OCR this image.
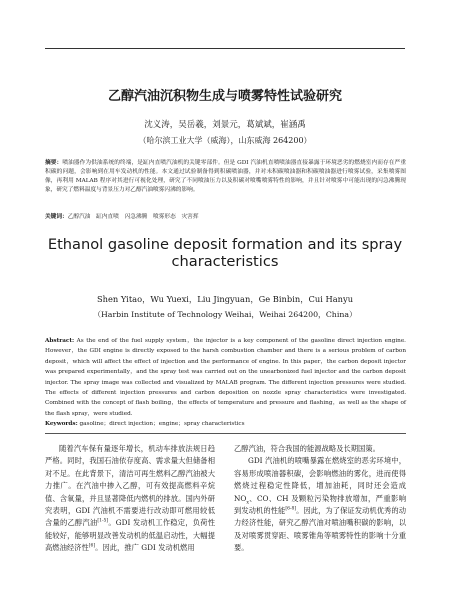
乙醇汽油沉积物生成与喷雾特性试验研究
沈义涛，吴岳羲，刘景元，葛斌斌，崔涵禹
（哈尔滨工业大学（威海），山东威海 264200）
摘要：喷油器作为供油系统的终端，是缸内直喷汽油机的关键零部件。但是 GDI 汽油机直喷喷油器直接暴露于环境恶劣的燃烧室内而存在严重积碳的问题，会影响到在用车发动机的性能。本文通过试验制备得到积碳喷油器，并对未积碳喷油器和积碳喷油器进行喷雾试验，采集喷雾图像，再利用 MALAB 程序对其进行可视化处理，研究了不同喷油压力以及积碳对喷嘴喷雾特性的影响，并且针对喷雾中可能出现的闪急沸腾现象，研究了燃料温度与背景压力对乙醇汽油喷雾闪沸的影响。
关键词：乙醇汽油　缸内直喷　闪急沸腾　喷雾形态　灾害挥
Ethanol gasoline deposit formation and its spray characteristics
Shen Yitao，Wu Yuexi，Liu Jingyuan，Ge Binbin，Cui Hanyu
（Harbin Institute of Technology Weihai，Weihai 264200，China）
Abstract: As the end of the fuel supply system，the injector is a key component of the gasoline direct injection engine. However，the GDI engine is directly exposed to the harsh combustion chamber and there is a serious problem of carbon deposit，which will affect the effect of injection and the performance of engine. In this paper，the carbon deposit injector was prepared experimentally，and the spray test was carried out on the unearbonized fuel injector and the carbon deposit injector. The spray image was collected and visualized by MALAB program. The different injection pressures were studied. The effects of different injection pressures and carbon deposition on nozzle spray characteristics were investigated. Combined with the concept of flash boiling，the effects of temperature and pressure and flashing，as well as the shape of the flash spray，were studied.
Keywords: gasoline；direct injection；engine；spray characteristics

随着汽车保有量逐年增长，机动车排放法规日趋严格。同时，我国石油依存度高、需求量大但储备相对不足。在此背景下，清洁可再生燃料乙醇汽油被大力推广。在汽油中掺入乙醇，可有效提高燃料辛烷值、含氧量，并且显著降低内燃机的排放。国内外研究表明，GDI 汽油机不需要进行改动即可燃用较低含量的乙醇汽油[1-5]。GDI 发动机工作稳定，负荷性能较好，能够明显改善发动机的低温启动性，大幅提高燃油经济性[6]。因此，推广 GDI 发动机燃用

乙醇汽油，符合我国的能源战略及长期国策。

GDI 汽油机的喷嘴暴露在燃烧室的恶劣环境中，容易形成喷油器积碳，会影响燃油的雾化，进而使得燃烧过程稳定性降低，增加油耗，同时还会造成 $NO_x$、CO、CH 及颗粒污染物排放增加，严重影响到发动机的性能[6-8]。因此，为了保证发动机优秀的动力经济性能，研究乙醇汽油对喷油嘴积碳的影响，以及对喷雾贯穿距、喷雾锥角等喷雾特性的影响十分重要。
